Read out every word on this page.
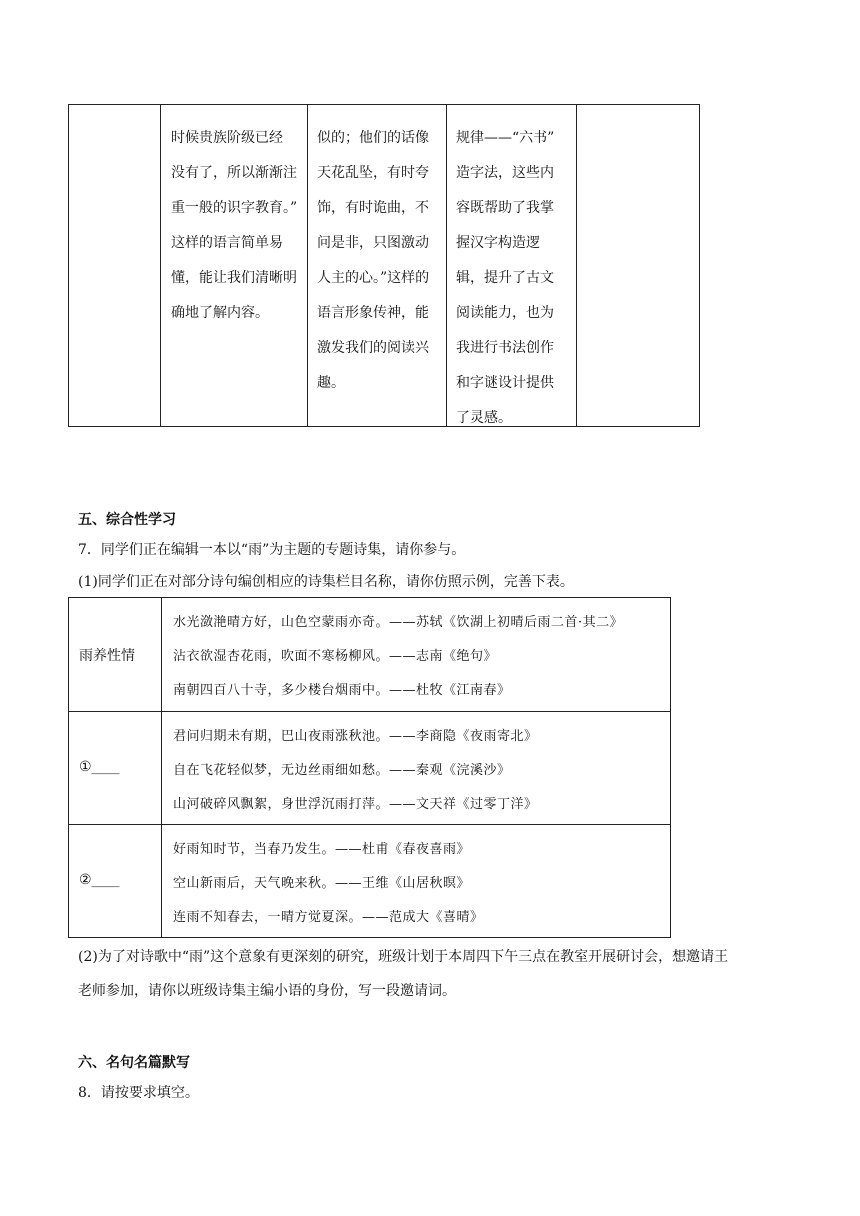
时候贵族阶级已经
没有了，所以渐渐注
重一般的识字教育。”
这样的语言简单易
懂，能让我们清晰明
确地了解内容。
似的；他们的话像
天花乱坠，有时夸
饰，有时诡曲，不
问是非，只图激动
人主的心。”这样的
语言形象传神，能
激发我们的阅读兴
趣。
规律——“六书”
造字法，这些内
容既帮助了我掌
握汉字构造逻
辑，提升了古文
阅读能力，也为
我进行书法创作
和字谜设计提供
了灵感。
五、综合性学习
7．同学们正在编辑一本以“雨”为主题的专题诗集，请你参与。
(1)同学们正在对部分诗句编创相应的诗集栏目名称，请你仿照示例，完善下表。
雨养性情
水光潋滟晴方好，山色空蒙雨亦奇。——苏轼《饮湖上初晴后雨二首·其二》
沾衣欲湿杏花雨，吹面不寒杨柳风。——志南《绝句》
南朝四百八十寺，多少楼台烟雨中。——杜牧《江南春》
①____
君问归期未有期，巴山夜雨涨秋池。——李商隐《夜雨寄北》
自在飞花轻似梦，无边丝雨细如愁。——秦观《浣溪沙》
山河破碎风飘絮，身世浮沉雨打萍。——文天祥《过零丁洋》
②____
好雨知时节，当春乃发生。——杜甫《春夜喜雨》
空山新雨后，天气晚来秋。——王维《山居秋暝》
连雨不知春去，一晴方觉夏深。——范成大《喜晴》
(2)为了对诗歌中“雨”这个意象有更深刻的研究，班级计划于本周四下午三点在教室开展研讨会，想邀请王
老师参加，请你以班级诗集主编小语的身份，写一段邀请词。
六、名句名篇默写
8．请按要求填空。
